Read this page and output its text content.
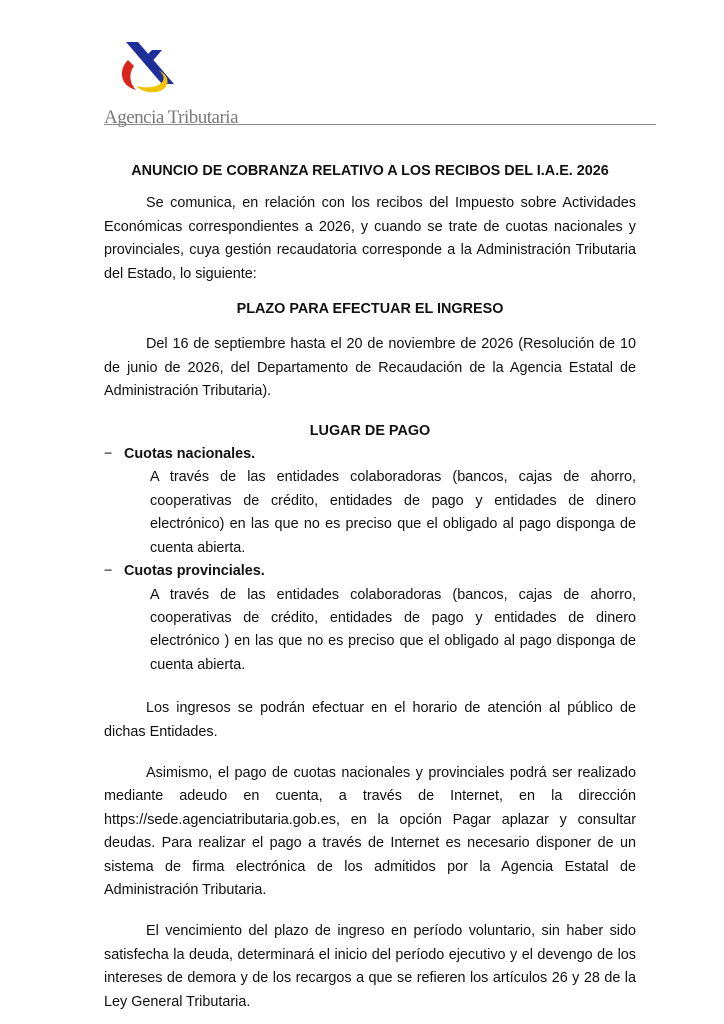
Agencia Tributaria

ANUNCIO DE COBRANZA RELATIVO A LOS RECIBOS DEL I.A.E. 2026

Se comunica, en relación con los recibos del Impuesto sobre Actividades Económicas correspondientes a 2026, y cuando se trate de cuotas nacionales y provinciales, cuya gestión recaudatoria corresponde a la Administración Tributaria del Estado, lo siguiente:

PLAZO PARA EFECTUAR EL INGRESO

Del 16 de septiembre hasta el 20 de noviembre de 2026 (Resolución de 10 de junio de 2026, del Departamento de Recaudación de la Agencia Estatal de Administración Tributaria).

LUGAR DE PAGO

− Cuotas nacionales.

A través de las entidades colaboradoras (bancos, cajas de ahorro, cooperativas de crédito, entidades de pago y entidades de dinero electrónico) en las que no es preciso que el obligado al pago disponga de cuenta abierta.

− Cuotas provinciales.

A través de las entidades colaboradoras (bancos, cajas de ahorro, cooperativas de crédito, entidades de pago y entidades de dinero electrónico ) en las que no es preciso que el obligado al pago disponga de cuenta abierta.

Los ingresos se podrán efectuar en el horario de atención al público de dichas Entidades.

Asimismo, el pago de cuotas nacionales y provinciales podrá ser realizado mediante adeudo en cuenta, a través de Internet, en la dirección https://sede.agenciatributaria.gob.es, en la opción Pagar aplazar y consultar deudas. Para realizar el pago a través de Internet es necesario disponer de un sistema de firma electrónica de los admitidos por la Agencia Estatal de Administración Tributaria.

El vencimiento del plazo de ingreso en período voluntario, sin haber sido satisfecha la deuda, determinará el inicio del período ejecutivo y el devengo de los intereses de demora y de los recargos a que se refieren los artículos 26 y 28 de la Ley General Tributaria.
